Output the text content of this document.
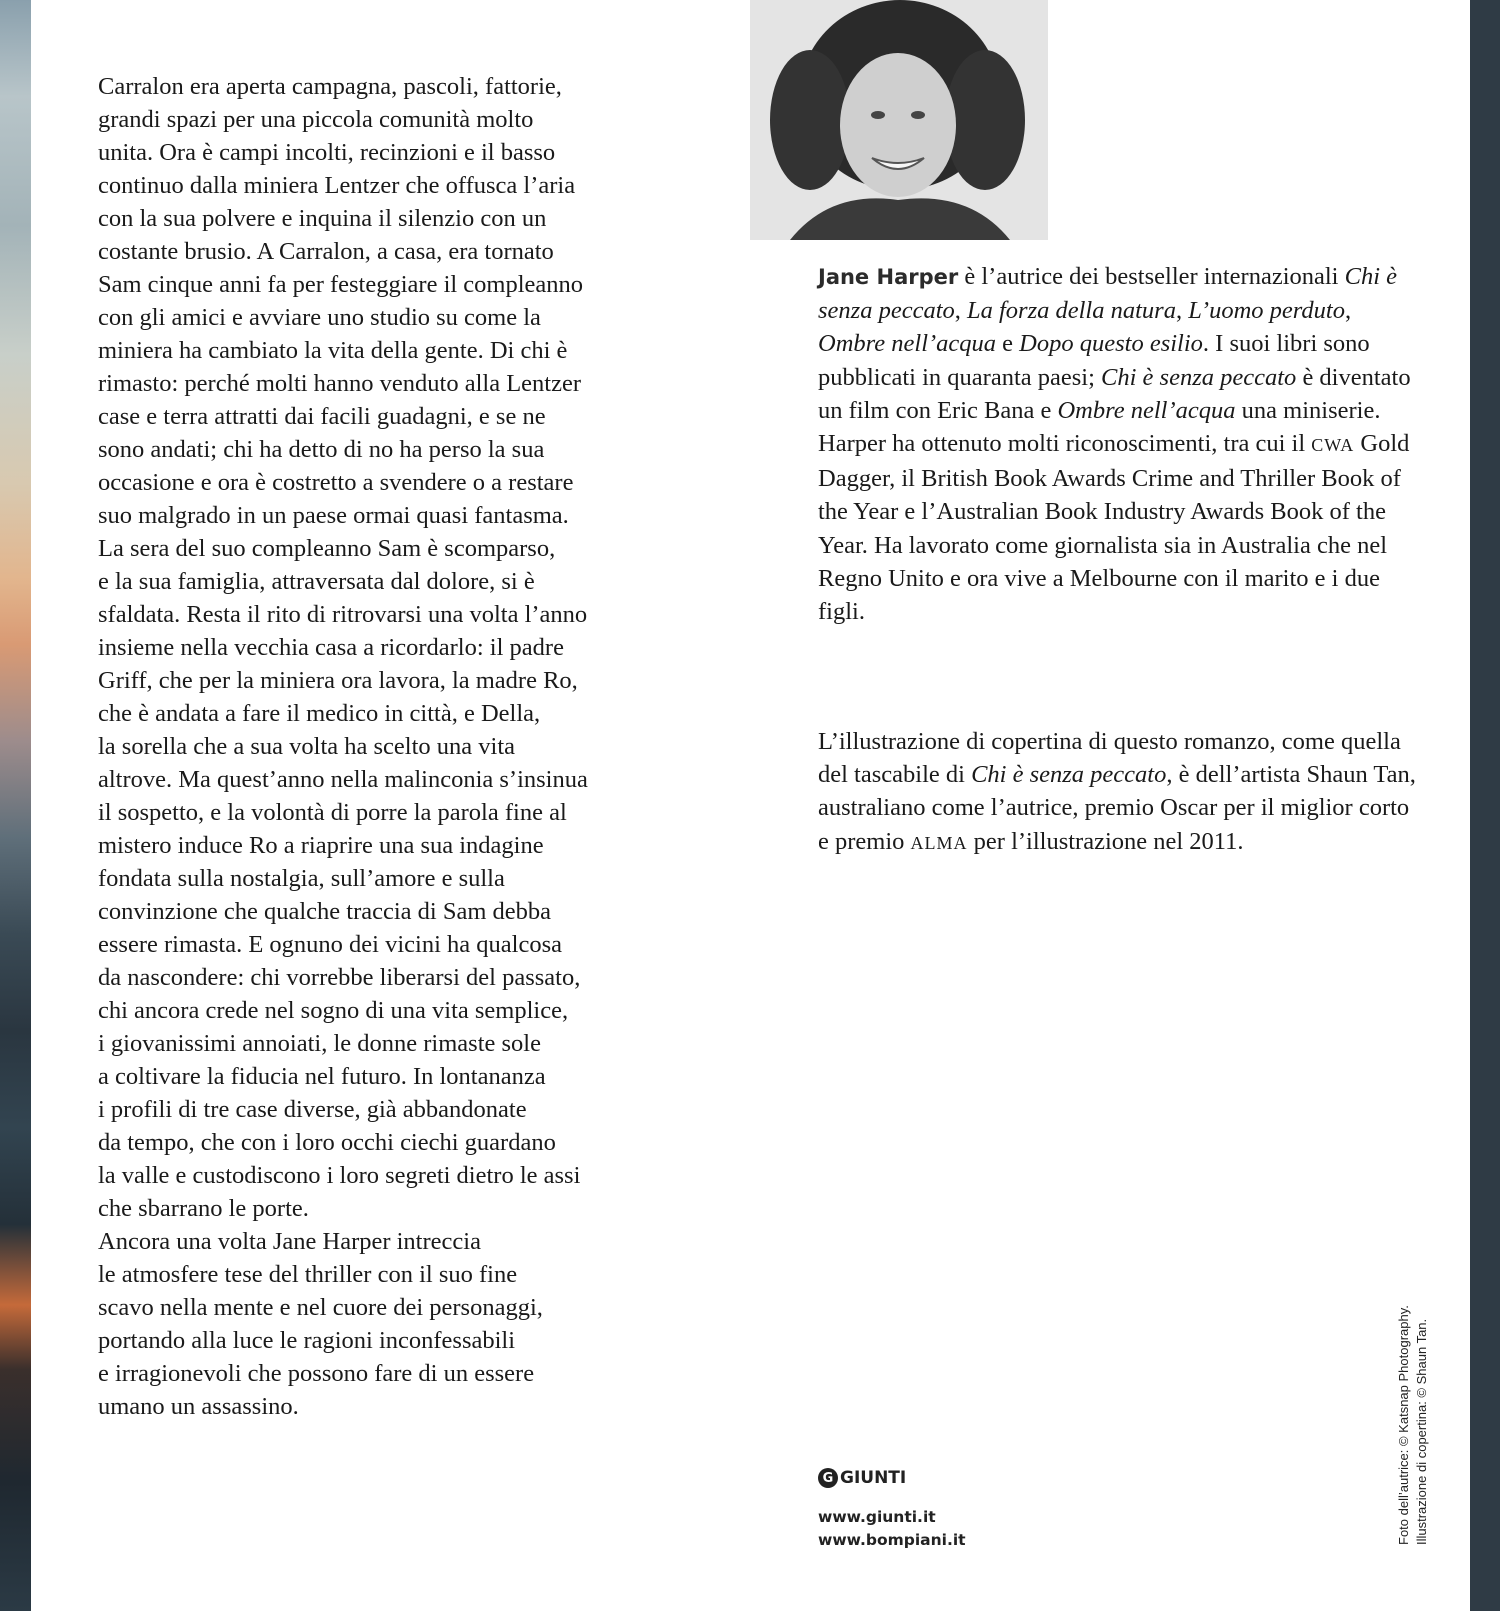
Carralon era aperta campagna, pascoli, fattorie,
grandi spazi per una piccola comunità molto
unita. Ora è campi incolti, recinzioni e il basso
continuo dalla miniera Lentzer che offusca l’aria
con la sua polvere e inquina il silenzio con un
costante brusio. A Carralon, a casa, era tornato
Sam cinque anni fa per festeggiare il compleanno
con gli amici e avviare uno studio su come la
miniera ha cambiato la vita della gente. Di chi è
rimasto: perché molti hanno venduto alla Lentzer
case e terra attratti dai facili guadagni, e se ne
sono andati; chi ha detto di no ha perso la sua
occasione e ora è costretto a svendere o a restare
suo malgrado in un paese ormai quasi fantasma.
La sera del suo compleanno Sam è scomparso,
e la sua famiglia, attraversata dal dolore, si è
sfaldata. Resta il rito di ritrovarsi una volta l’anno
insieme nella vecchia casa a ricordarlo: il padre
Griff, che per la miniera ora lavora, la madre Ro,
che è andata a fare il medico in città, e Della,
la sorella che a sua volta ha scelto una vita
altrove. Ma quest’anno nella malinconia s’insinua
il sospetto, e la volontà di porre la parola fine al
mistero induce Ro a riaprire una sua indagine
fondata sulla nostalgia, sull’amore e sulla
convinzione che qualche traccia di Sam debba
essere rimasta. E ognuno dei vicini ha qualcosa
da nascondere: chi vorrebbe liberarsi del passato,
chi ancora crede nel sogno di una vita semplice,
i giovanissimi annoiati, le donne rimaste sole
a coltivare la fiducia nel futuro. In lontananza
i profili di tre case diverse, già abbandonate
da tempo, che con i loro occhi ciechi guardano
la valle e custodiscono i loro segreti dietro le assi
che sbarrano le porte.
Ancora una volta Jane Harper intreccia
le atmosfere tese del thriller con il suo fine
scavo nella mente e nel cuore dei personaggi,
portando alla luce le ragioni inconfessabili
e irragionevoli che possono fare di un essere
umano un assassino.

Jane Harper è l’autrice dei bestseller internazionali Chi è senza peccato, La forza della natura, L’uomo perduto, Ombre nell’acqua e Dopo questo esilio. I suoi libri sono pubblicati in quaranta paesi; Chi è senza peccato è diventato un film con Eric Bana e Ombre nell’acqua una miniserie. Harper ha ottenuto molti riconoscimenti, tra cui il CWA Gold Dagger, il British Book Awards Crime and Thriller Book of the Year e l’Australian Book Industry Awards Book of the Year. Ha lavorato come giornalista sia in Australia che nel Regno Unito e ora vive a Melbourne con il marito e i due figli.

L’illustrazione di copertina di questo romanzo, come quella del tascabile di Chi è senza peccato, è dell’artista Shaun Tan, australiano come l’autrice, premio Oscar per il miglior corto e premio ALMA per l’illustrazione nel 2011.

G GIUNTI
www.giunti.it
www.bompiani.it	Foto dell’autrice: © Katsnap Photography. Illustrazione di copertina: © Shaun Tan.
